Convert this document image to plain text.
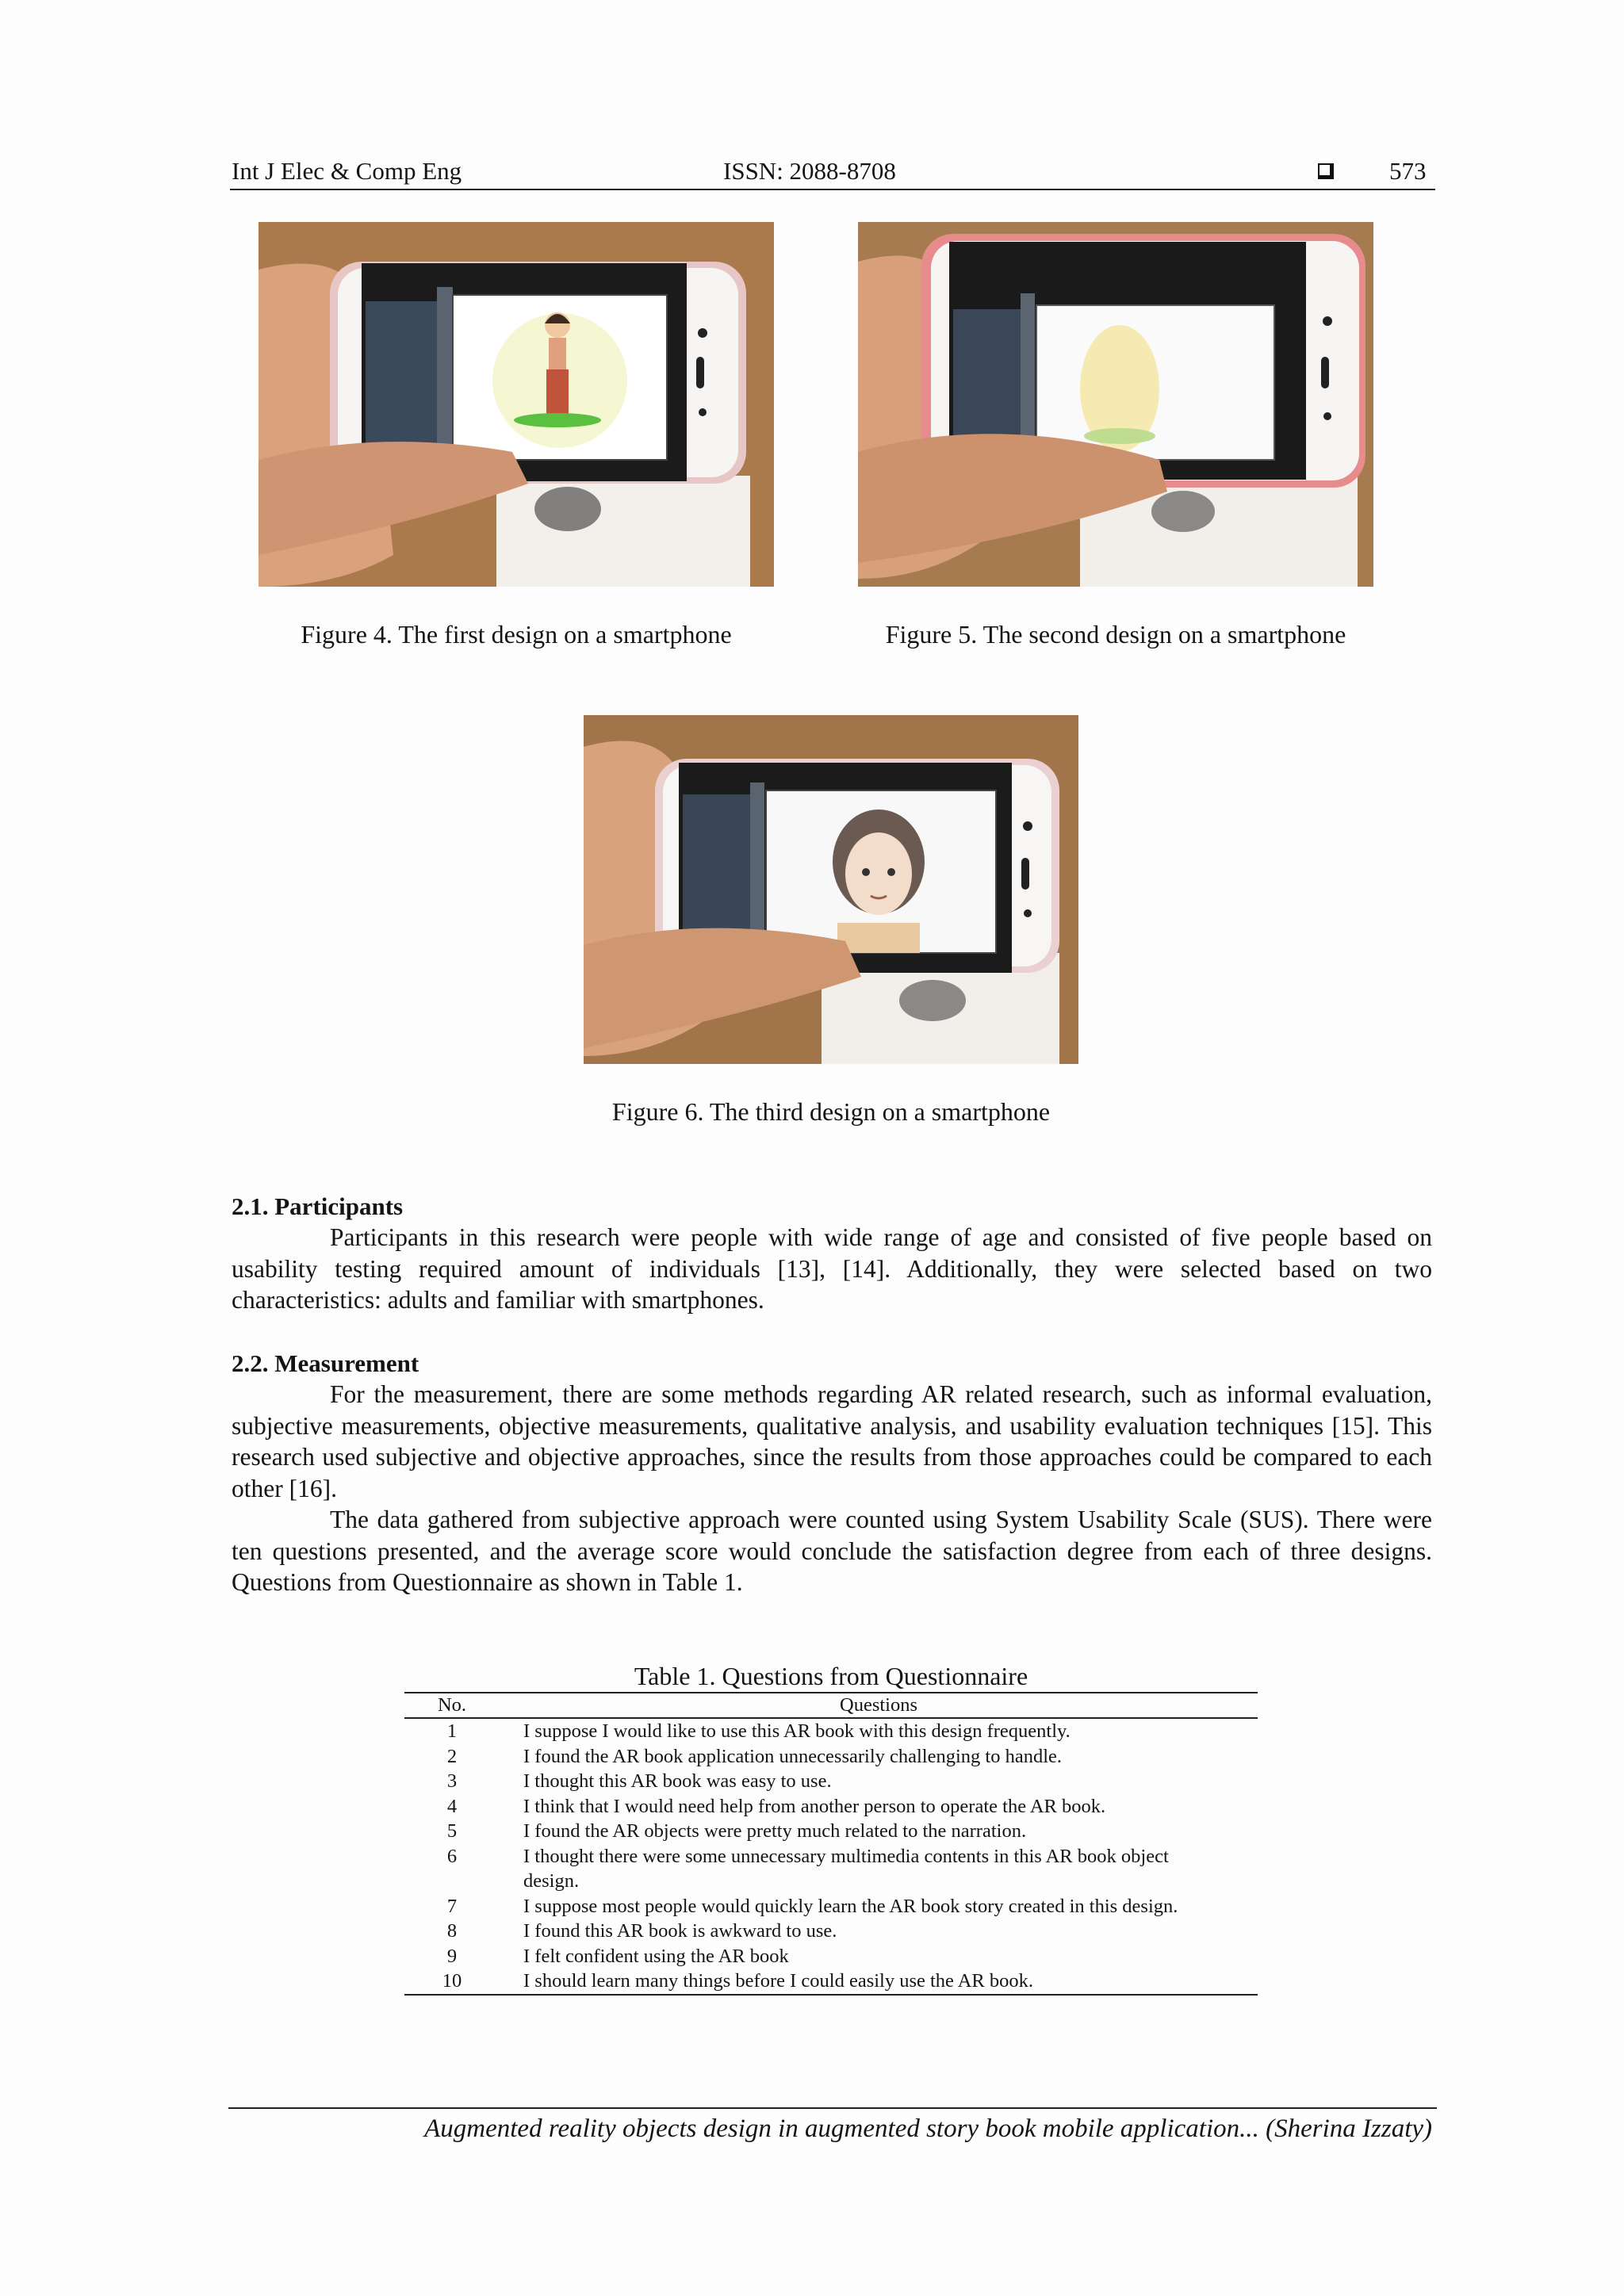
Int J Elec & Comp Eng	ISSN: 2088-8708	573
Figure 4. The first design on a smartphone	Figure 5. The second design on a smartphone
Figure 6. The third design on a smartphone
2.1. Participants

Participants in this research were people with wide range of age and consisted of five people based on usability testing required amount of individuals [13], [14]. Additionally, they were selected based on two characteristics: adults and familiar with smartphones.

2.2. Measurement

For the measurement, there are some methods regarding AR related research, such as informal evaluation, subjective measurements, objective measurements, qualitative analysis, and usability evaluation techniques [15]. This research used subjective and objective approaches, since the results from those approaches could be compared to each other [16].

The data gathered from subjective approach were counted using System Usability Scale (SUS). There were ten questions presented, and the average score would conclude the satisfaction degree from each of three designs. Questions from Questionnaire as shown in Table 1.

Table 1. Questions from Questionnaire
No.	Questions
1	I suppose I would like to use this AR book with this design frequently.
2	I found the AR book application unnecessarily challenging to handle.
3	I thought this AR book was easy to use.
4	I think that I would need help from another person to operate the AR book.
5	I found the AR objects were pretty much related to the narration.
6	I thought there were some unnecessary multimedia contents in this AR book object design.
7	I suppose most people would quickly learn the AR book story created in this design.
8	I found this AR book is awkward to use.
9	I felt confident using the AR book
10	I should learn many things before I could easily use the AR book.
Augmented reality objects design in augmented story book mobile application... (Sherina Izzaty)
